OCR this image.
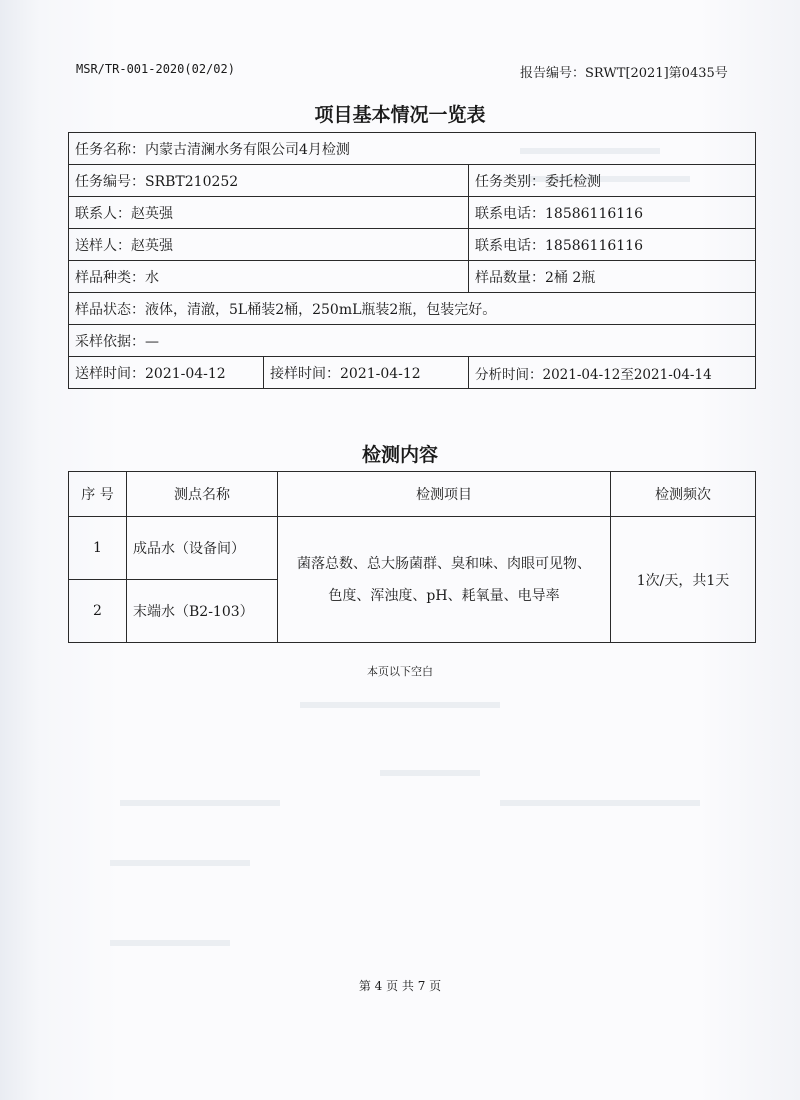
MSR/TR-001-2020(02/02)	报告编号：SRWT[2021]第0435号
项目基本情况一览表
任务名称：内蒙古清澜水务有限公司4月检测		
任务编号：SRBT210252		任务类别：委托检测
联系人：赵英强		联系电话：18586116116
送样人：赵英强		联系电话：18586116116
样品种类：水		样品数量：2桶 2瓶
样品状态：液体，清澈，5L桶装2桶，250mL瓶装2瓶，包装完好。		
采样依据：—		
送样时间：2021-04-12	接样时间：2021-04-12	分析时间：2021-04-12至2021-04-14
检测内容
序 号	测点名称	检测项目	检测频次
1	成品水（设备间）	菌落总数、总大肠菌群、臭和味、肉眼可见物、
色度、浑浊度、pH、耗氧量、电导率	1次/天，共1天
2	末端水（B2-103）		
本页以下空白
第 4 页 共 7 页
